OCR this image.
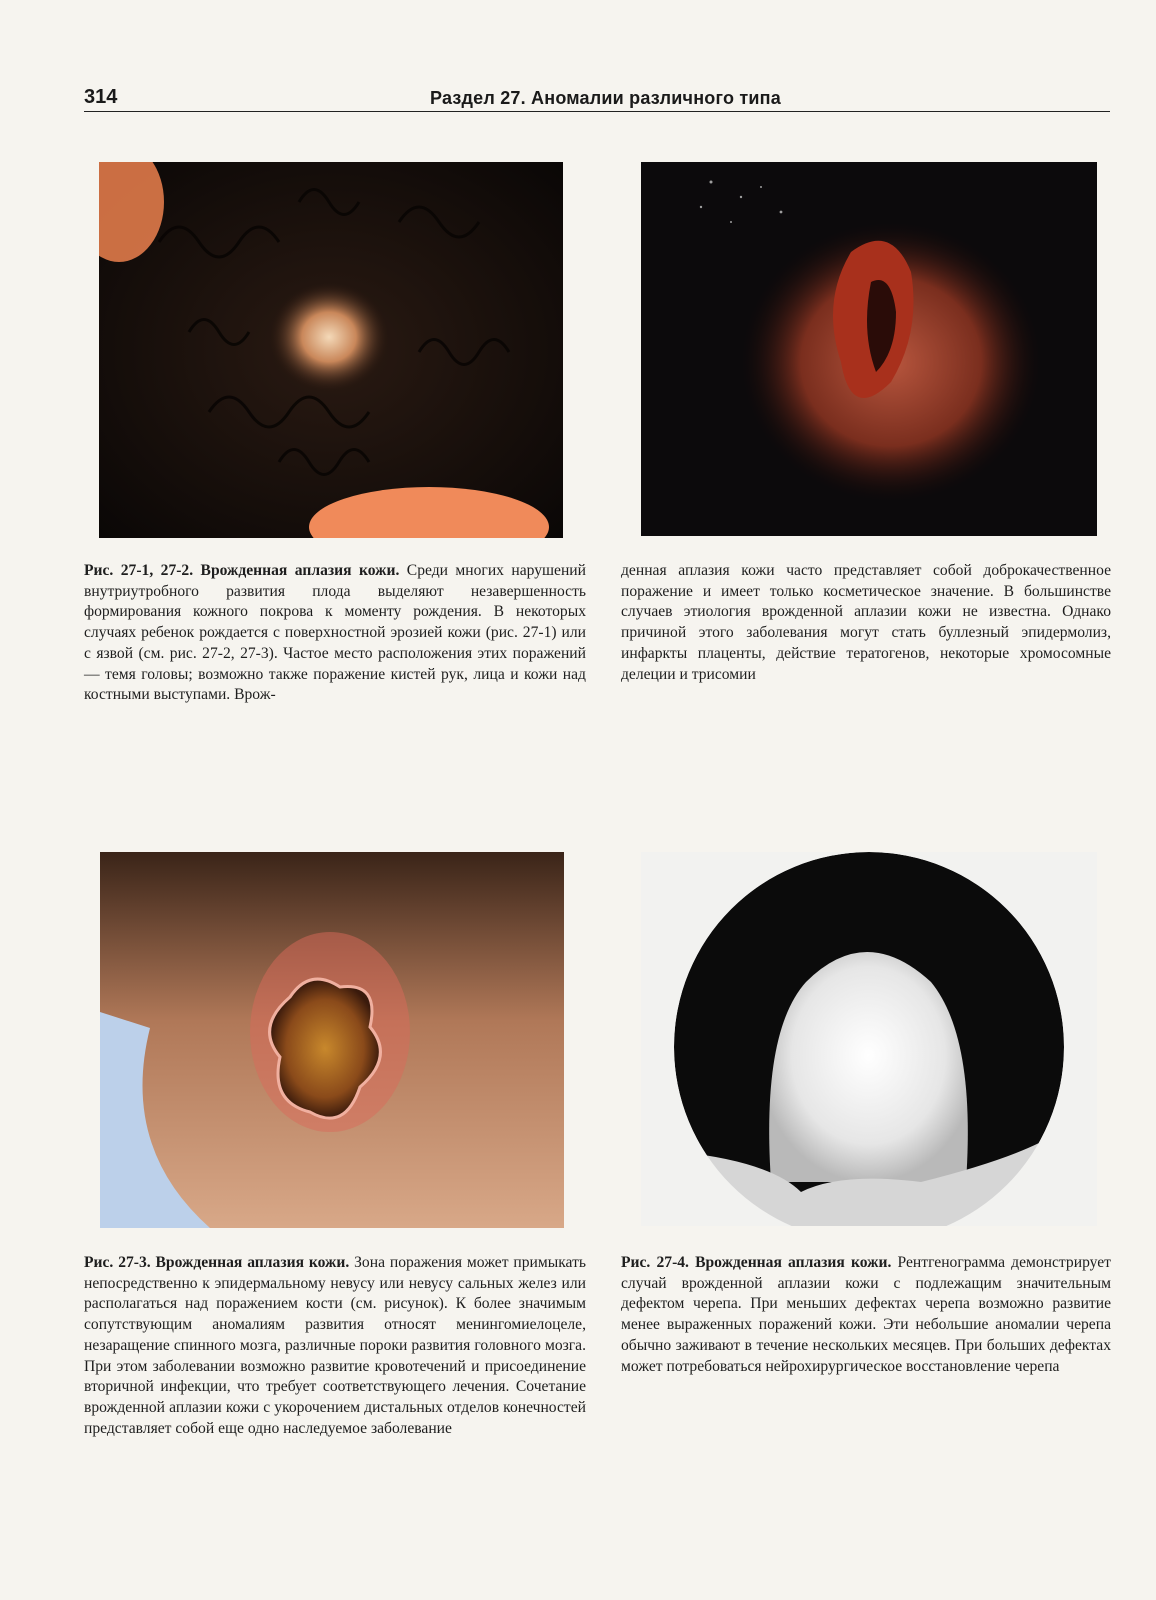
314	Раздел 27. Аномалии различного типа
Рис. 27-1, 27-2. Врожденная аплазия кожи. Среди многих нарушений внутриутробного развития плода выделяют незавершенность формирования кожного покрова к моменту рождения. В некоторых случаях ребенок рождается с поверхностной эрозией кожи (рис. 27-1) или с язвой (см. рис. 27-2, 27-3). Частое место расположения этих поражений — темя головы; возможно также поражение кистей рук, лица и кожи над костными выступами. Врож-
денная аплазия кожи часто представляет собой доброкачественное поражение и имеет только косметическое значение. В большинстве случаев этиология врожденной аплазии кожи не известна. Однако причиной этого заболевания могут стать буллезный эпидермолиз, инфаркты плаценты, действие тератогенов, некоторые хромосомные делеции и трисомии
Рис. 27-3. Врожденная аплазия кожи. Зона поражения может примыкать непосредственно к эпидермальному невусу или невусу сальных желез или располагаться над поражением кости (см. рисунок). К более значимым сопутствующим аномалиям развития относят менингомиелоцеле, незаращение спинного мозга, различные пороки развития головного мозга. При этом заболевании возможно развитие кровотечений и присоединение вторичной инфекции, что требует соответствующего лечения. Сочетание врожденной аплазии кожи с укорочением дистальных отделов конечностей представляет собой еще одно наследуемое заболевание
Рис. 27-4. Врожденная аплазия кожи. Рентгенограмма демонстрирует случай врожденной аплазии кожи с подлежащим значительным дефектом черепа. При меньших дефектах черепа возможно развитие менее выраженных поражений кожи. Эти небольшие аномалии черепа обычно заживают в течение нескольких месяцев. При больших дефектах может потребоваться нейрохирургическое восстановление черепа
